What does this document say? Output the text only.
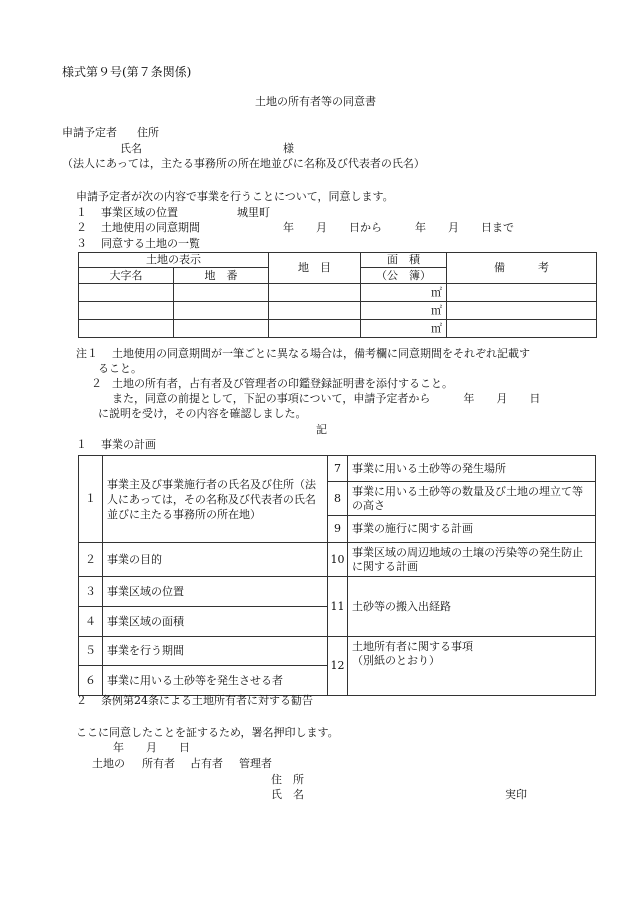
様式第９号(第７条関係)
土地の所有者等の同意書
申請予定者 住所
氏名	様
（法人にあっては，主たる事務所の所在地並びに名称及び代表者の氏名）
申請予定者が次の内容で事業を行うことについて，同意します。
１ 事業区域の位置	城里町
２ 土地使用の同意期間	年　　月　　日から　　　年　　月　　日まで
３ 同意する土地の一覧
土地の表示		地　目	面　積	備　　　考
大字名	地　番		（公　簿）	
			㎡	
			㎡	
			㎡	
注１ 土地使用の同意期間が一筆ごとに異なる場合は，備考欄に同意期間をそれぞれ記載す
ること。
２ 土地の所有者，占有者及び管理者の印鑑登録証明書を添付すること。
また，同意の前提として，下記の事項について，申請予定者から　　　年　　月　　日
に説明を受け，その内容を確認しました。
記
１ 事業の計画
１	事業主及び事業施行者の氏名及び住所（法人にあっては，その名称及び代表者の氏名並びに主たる事務所の所在地）	7	事業に用いる土砂等の発生場所
		8	事業に用いる土砂等の数量及び土地の埋立て等の高さ
		9	事業の施行に関する計画
２	事業の目的	10	事業区域の周辺地域の土壌の汚染等の発生防止に関する計画
３	事業区域の位置	11	土砂等の搬入出経路
４	事業区域の面積		
５	事業を行う期間	12	土地所有者に関する事項
（別紙のとおり）

６	事業に用いる土砂等を発生させる者		
２ 条例第24条による土地所有者に対する勧告
ここに同意したことを証するため，署名押印します。
年　　月　　日
土地の 所有者 占有者 管理者
住　所
氏　名	実印
